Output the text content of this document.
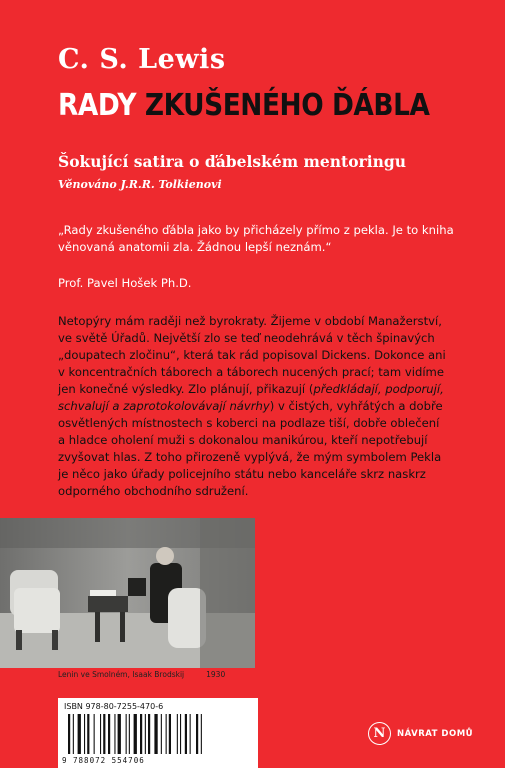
C. S. Lewis
RADY ZKUŠENÉHO ĎÁBLA
Šokující satira o ďábelském mentoringu
Věnováno J.R.R. Tolkienovi
„Rady zkušeného ďábla jako by přicházely přímo z pekla. Je to kniha věnovaná anatomii zla. Žádnou lepší neznám.“
Prof. Pavel Hošek Ph.D.
Netopýry mám raději než byrokraty. Žijeme v období Manažerství,
ve světě Úřadů. Největší zlo se teď neodehrává v těch špinavých
„doupatech zločinu“, která tak rád popisoval Dickens. Dokonce ani
v koncentračních táborech a táborech nucených prací; tam vidíme
jen konečné výsledky. Zlo plánují, přikazují (předkládají, podporují,
schvalují a zaprotokolovávají návrhy) v čistých, vyhřátých a dobře
osvětlených místnostech s koberci na podlaze tiší, dobře oblečení
a hladce oholení muži s dokonalou manikúrou, kteří nepotřebují
zvyšovat hlas. Z toho přirozeně vyplývá, že mým symbolem Pekla
je něco jako úřady policejního státu nebo kanceláře skrz naskrz
odporného obchodního sdružení.
Lenin ve Smolném, Isaak Brodskij	1930
ISBN 978-80-7255-470-6
9 788072 554706
N	NÁVRAT DOMŮ
